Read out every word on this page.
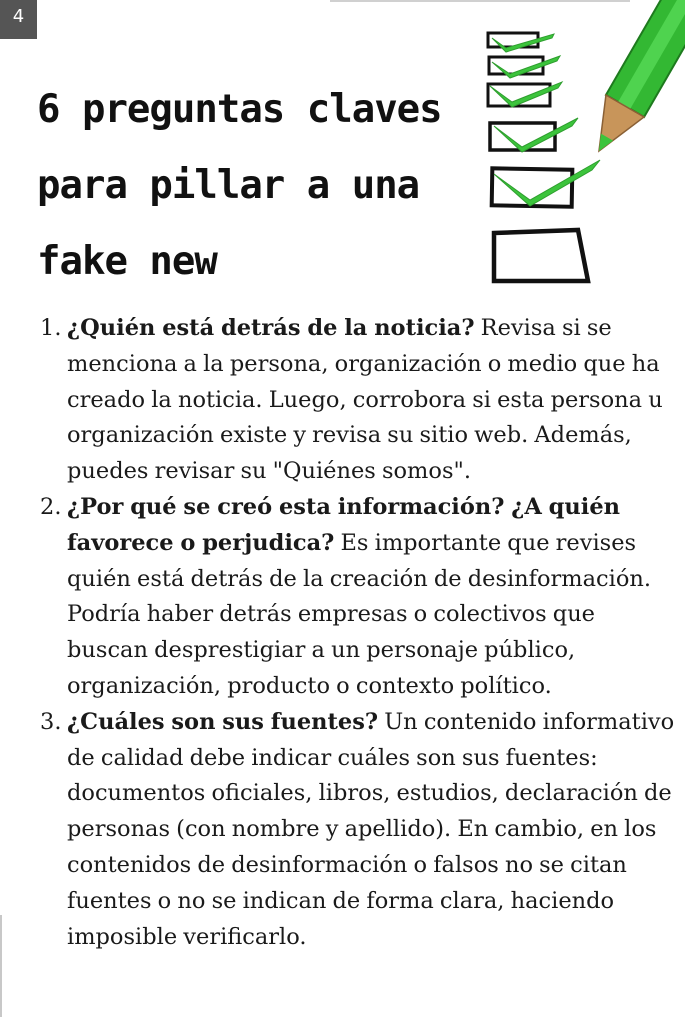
4
6 preguntas claves
para pillar a una
fake new
1. ¿Quién está detrás de la noticia? Revisa si se menciona a la persona, organización o medio que ha creado la noticia. Luego, corrobora si esta persona u organización existe y revisa su sitio web. Además, puedes revisar su "Quiénes somos".
2. ¿Por qué se creó esta información? ¿A quién favorece o perjudica? Es importante que revises quién está detrás de la creación de desinformación. Podría haber detrás empresas o colectivos que buscan desprestigiar a un personaje público, organización, producto o contexto político.
3. ¿Cuáles son sus fuentes? Un contenido informativo de calidad debe indicar cuáles son sus fuentes: documentos oficiales, libros, estudios, declaración de personas (con nombre y apellido). En cambio, en los contenidos de desinformación o falsos no se citan fuentes o no se indican de forma clara, haciendo imposible verificarlo.
